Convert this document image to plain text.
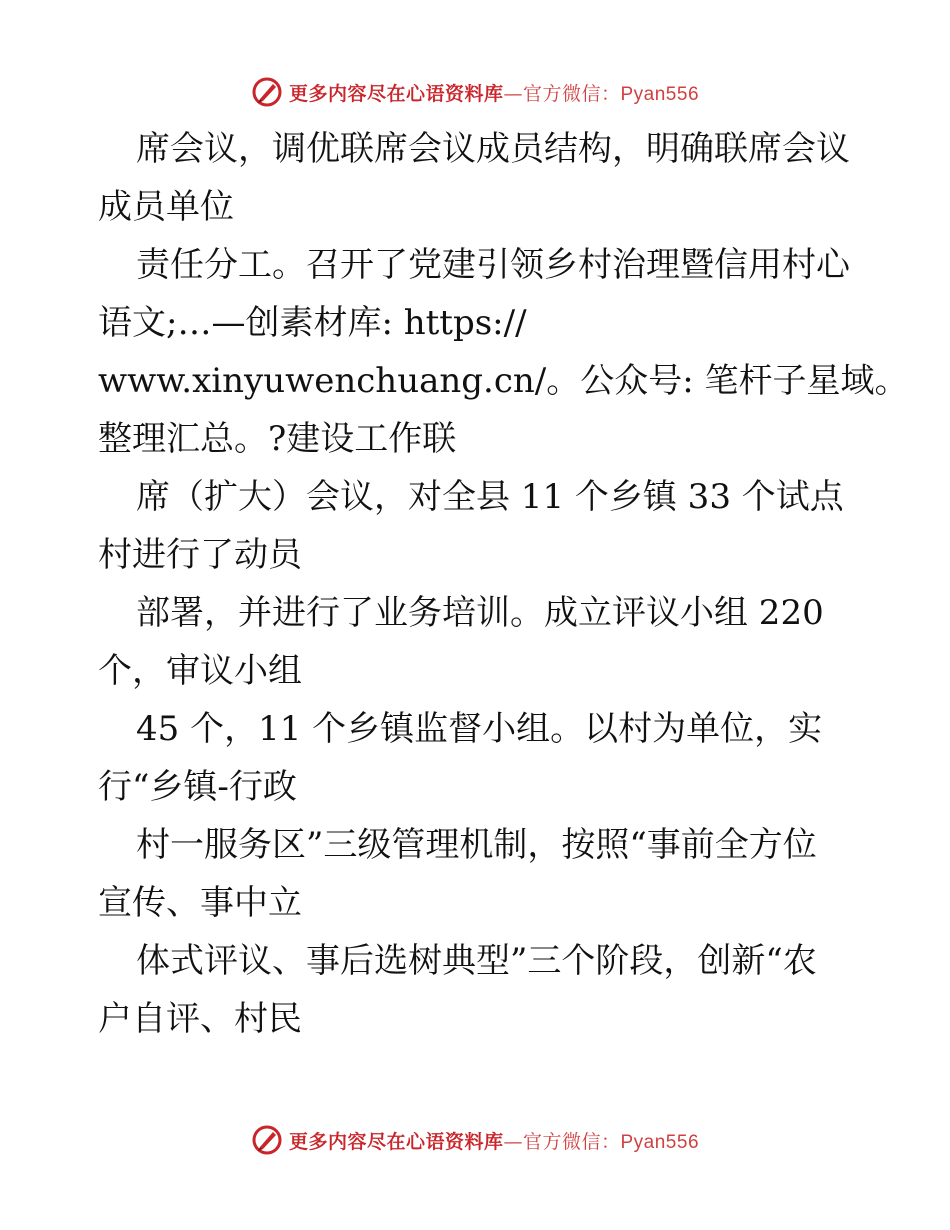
更多内容尽在心语资料库—官方微信：Pyan556
席会议，调优联席会议成员结构，明确联席会议
成员单位
责任分工。召开了党建引领乡村治理暨信用村心
语文;…—创素材库: https://
www.xinyuwenchuang.cn/。公众号: 笔杆子星域。
整理汇总。?建设工作联
席（扩大）会议，对全县 11 个乡镇 33 个试点
村进行了动员
部署，并进行了业务培训。成立评议小组 220
个，审议小组
45 个，11 个乡镇监督小组。以村为单位，实
行“乡镇-行政
村一服务区”三级管理机制，按照“事前全方位
宣传、事中立
体式评议、事后选树典型”三个阶段，创新“农
户自评、村民
更多内容尽在心语资料库—官方微信：Pyan556
